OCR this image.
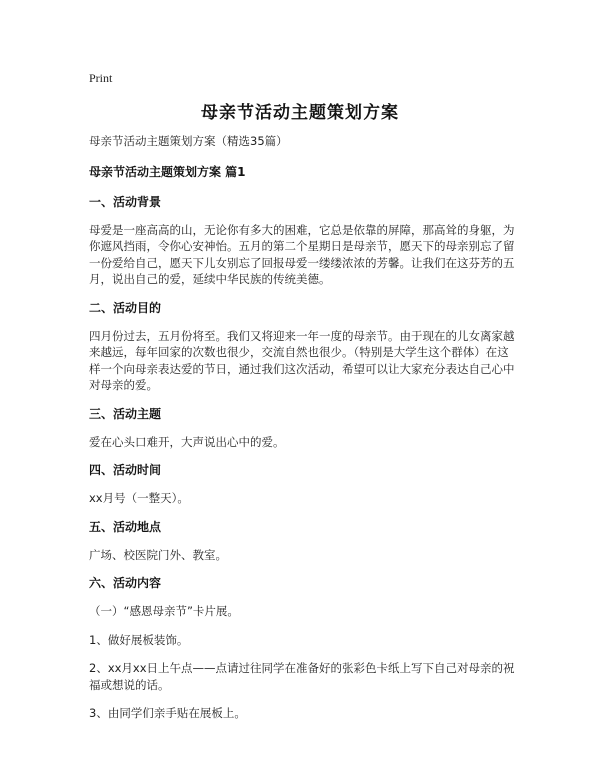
Print
母亲节活动主题策划方案

母亲节活动主题策划方案（精选35篇）

母亲节活动主题策划方案 篇1

一、活动背景

母爱是一座高高的山，无论你有多大的困难，它总是依靠的屏障，那高耸的身躯，为你遮风挡雨，令你心安神怡。五月的第二个星期日是母亲节，愿天下的母亲别忘了留一份爱给自己，愿天下儿女别忘了回报母爱一缕缕浓浓的芳馨。让我们在这芬芳的五月，说出自己的爱，延续中华民族的传统美德。

二、活动目的

四月份过去，五月份将至。我们又将迎来一年一度的母亲节。由于现在的儿女离家越来越远，每年回家的次数也很少，交流自然也很少。（特别是大学生这个群体）在这样一个向母亲表达爱的节日，通过我们这次活动，希望可以让大家充分表达自己心中对母亲的爱。

三、活动主题

爱在心头口难开，大声说出心中的爱。

四、活动时间

xx月号（一整天）。

五、活动地点

广场、校医院门外、教室。

六、活动内容

（一）“感恩母亲节”卡片展。

1、做好展板装饰。

2、xx月xx日上午点——点请过往同学在准备好的张彩色卡纸上写下自己对母亲的祝福或想说的话。

3、由同学们亲手贴在展板上。
